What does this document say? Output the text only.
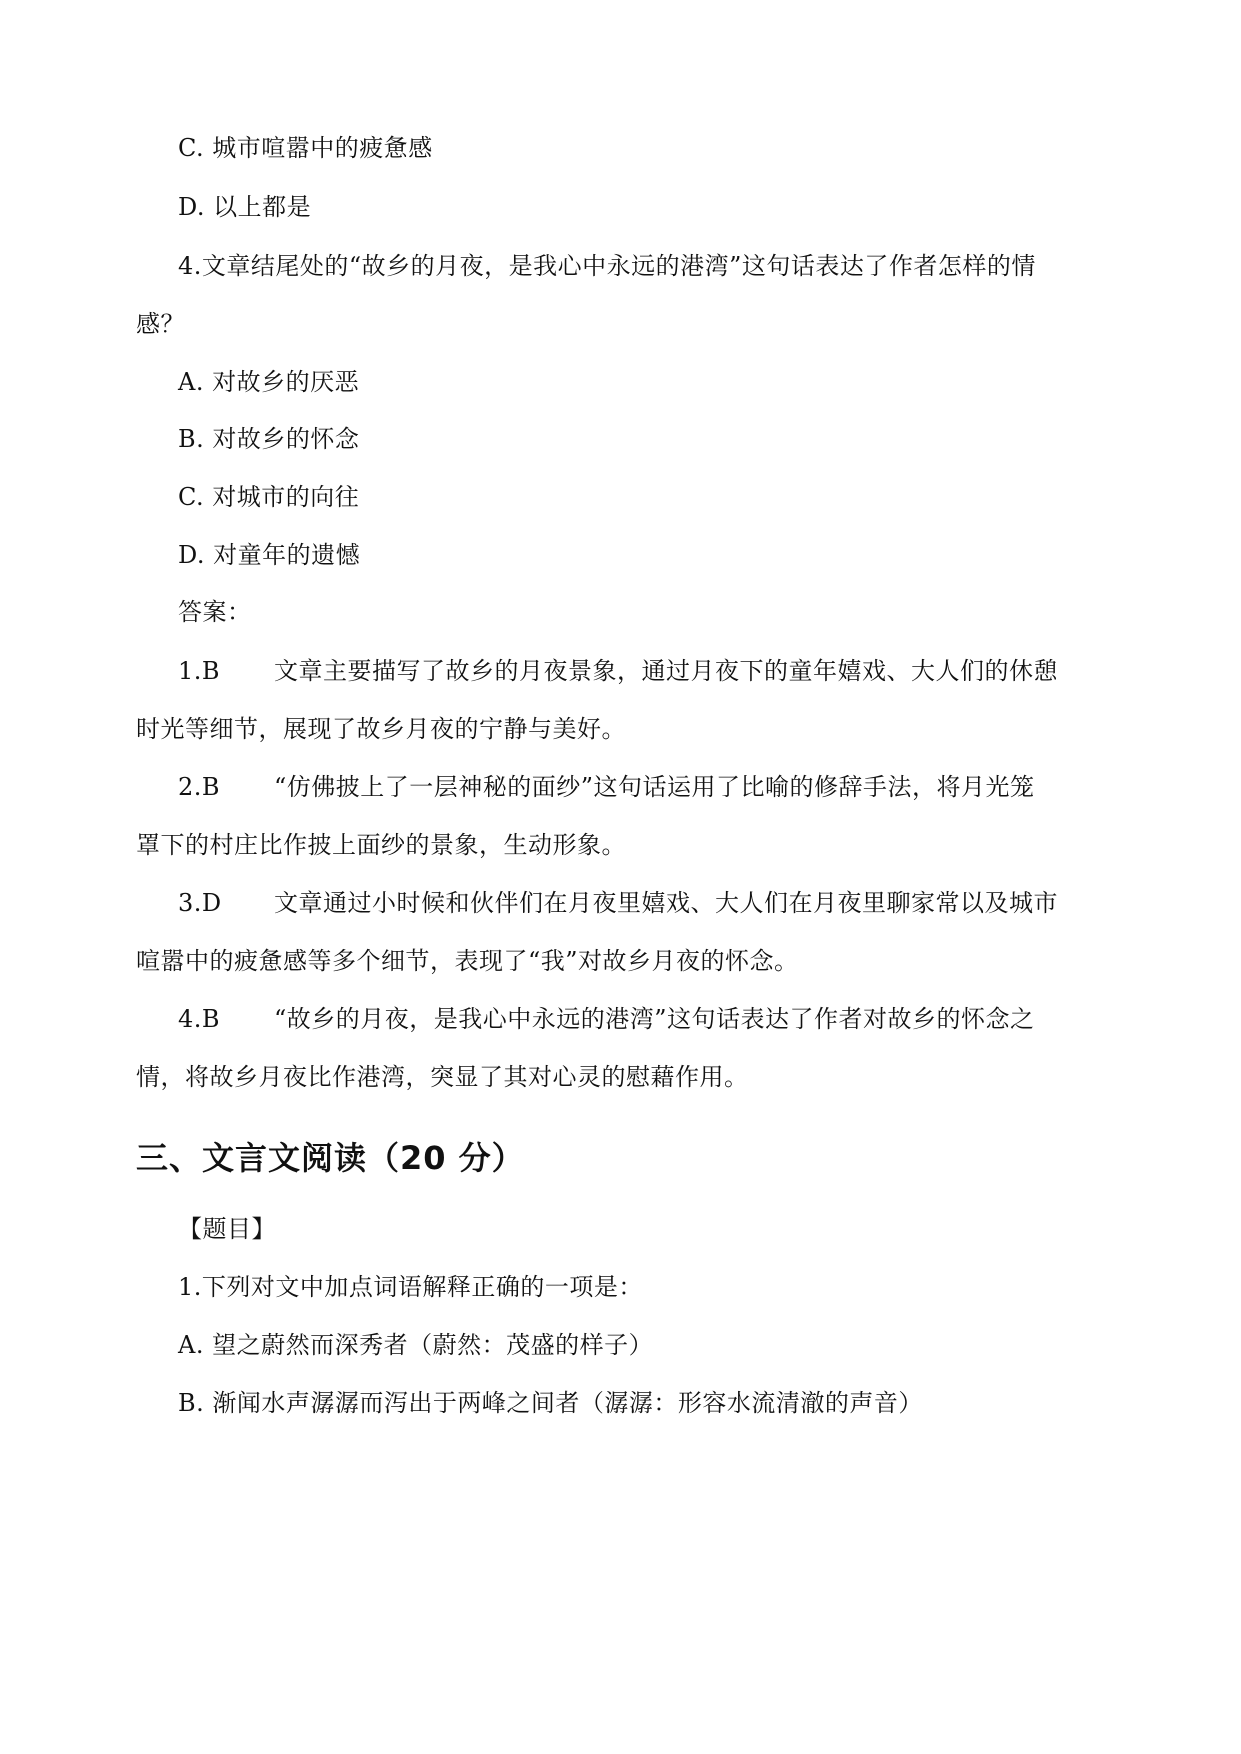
C. 城市喧嚣中的疲惫感
D. 以上都是
4.文章结尾处的“故乡的月夜，是我心中永远的港湾”这句话表达了作者怎样的情
感？
A. 对故乡的厌恶
B. 对故乡的怀念
C. 对城市的向往
D. 对童年的遗憾
答案：
1.B 文章主要描写了故乡的月夜景象，通过月夜下的童年嬉戏、大人们的休憩
时光等细节，展现了故乡月夜的宁静与美好。
2.B “仿佛披上了一层神秘的面纱”这句话运用了比喻的修辞手法，将月光笼
罩下的村庄比作披上面纱的景象，生动形象。
3.D 文章通过小时候和伙伴们在月夜里嬉戏、大人们在月夜里聊家常以及城市
喧嚣中的疲惫感等多个细节，表现了“我”对故乡月夜的怀念。
4.B “故乡的月夜，是我心中永远的港湾”这句话表达了作者对故乡的怀念之
情，将故乡月夜比作港湾，突显了其对心灵的慰藉作用。
三、文言文阅读（20 分）
【题目】
1.下列对文中加点词语解释正确的一项是：
A. 望之蔚然而深秀者（蔚然：茂盛的样子）
B. 渐闻水声潺潺而泻出于两峰之间者（潺潺：形容水流清澈的声音）
